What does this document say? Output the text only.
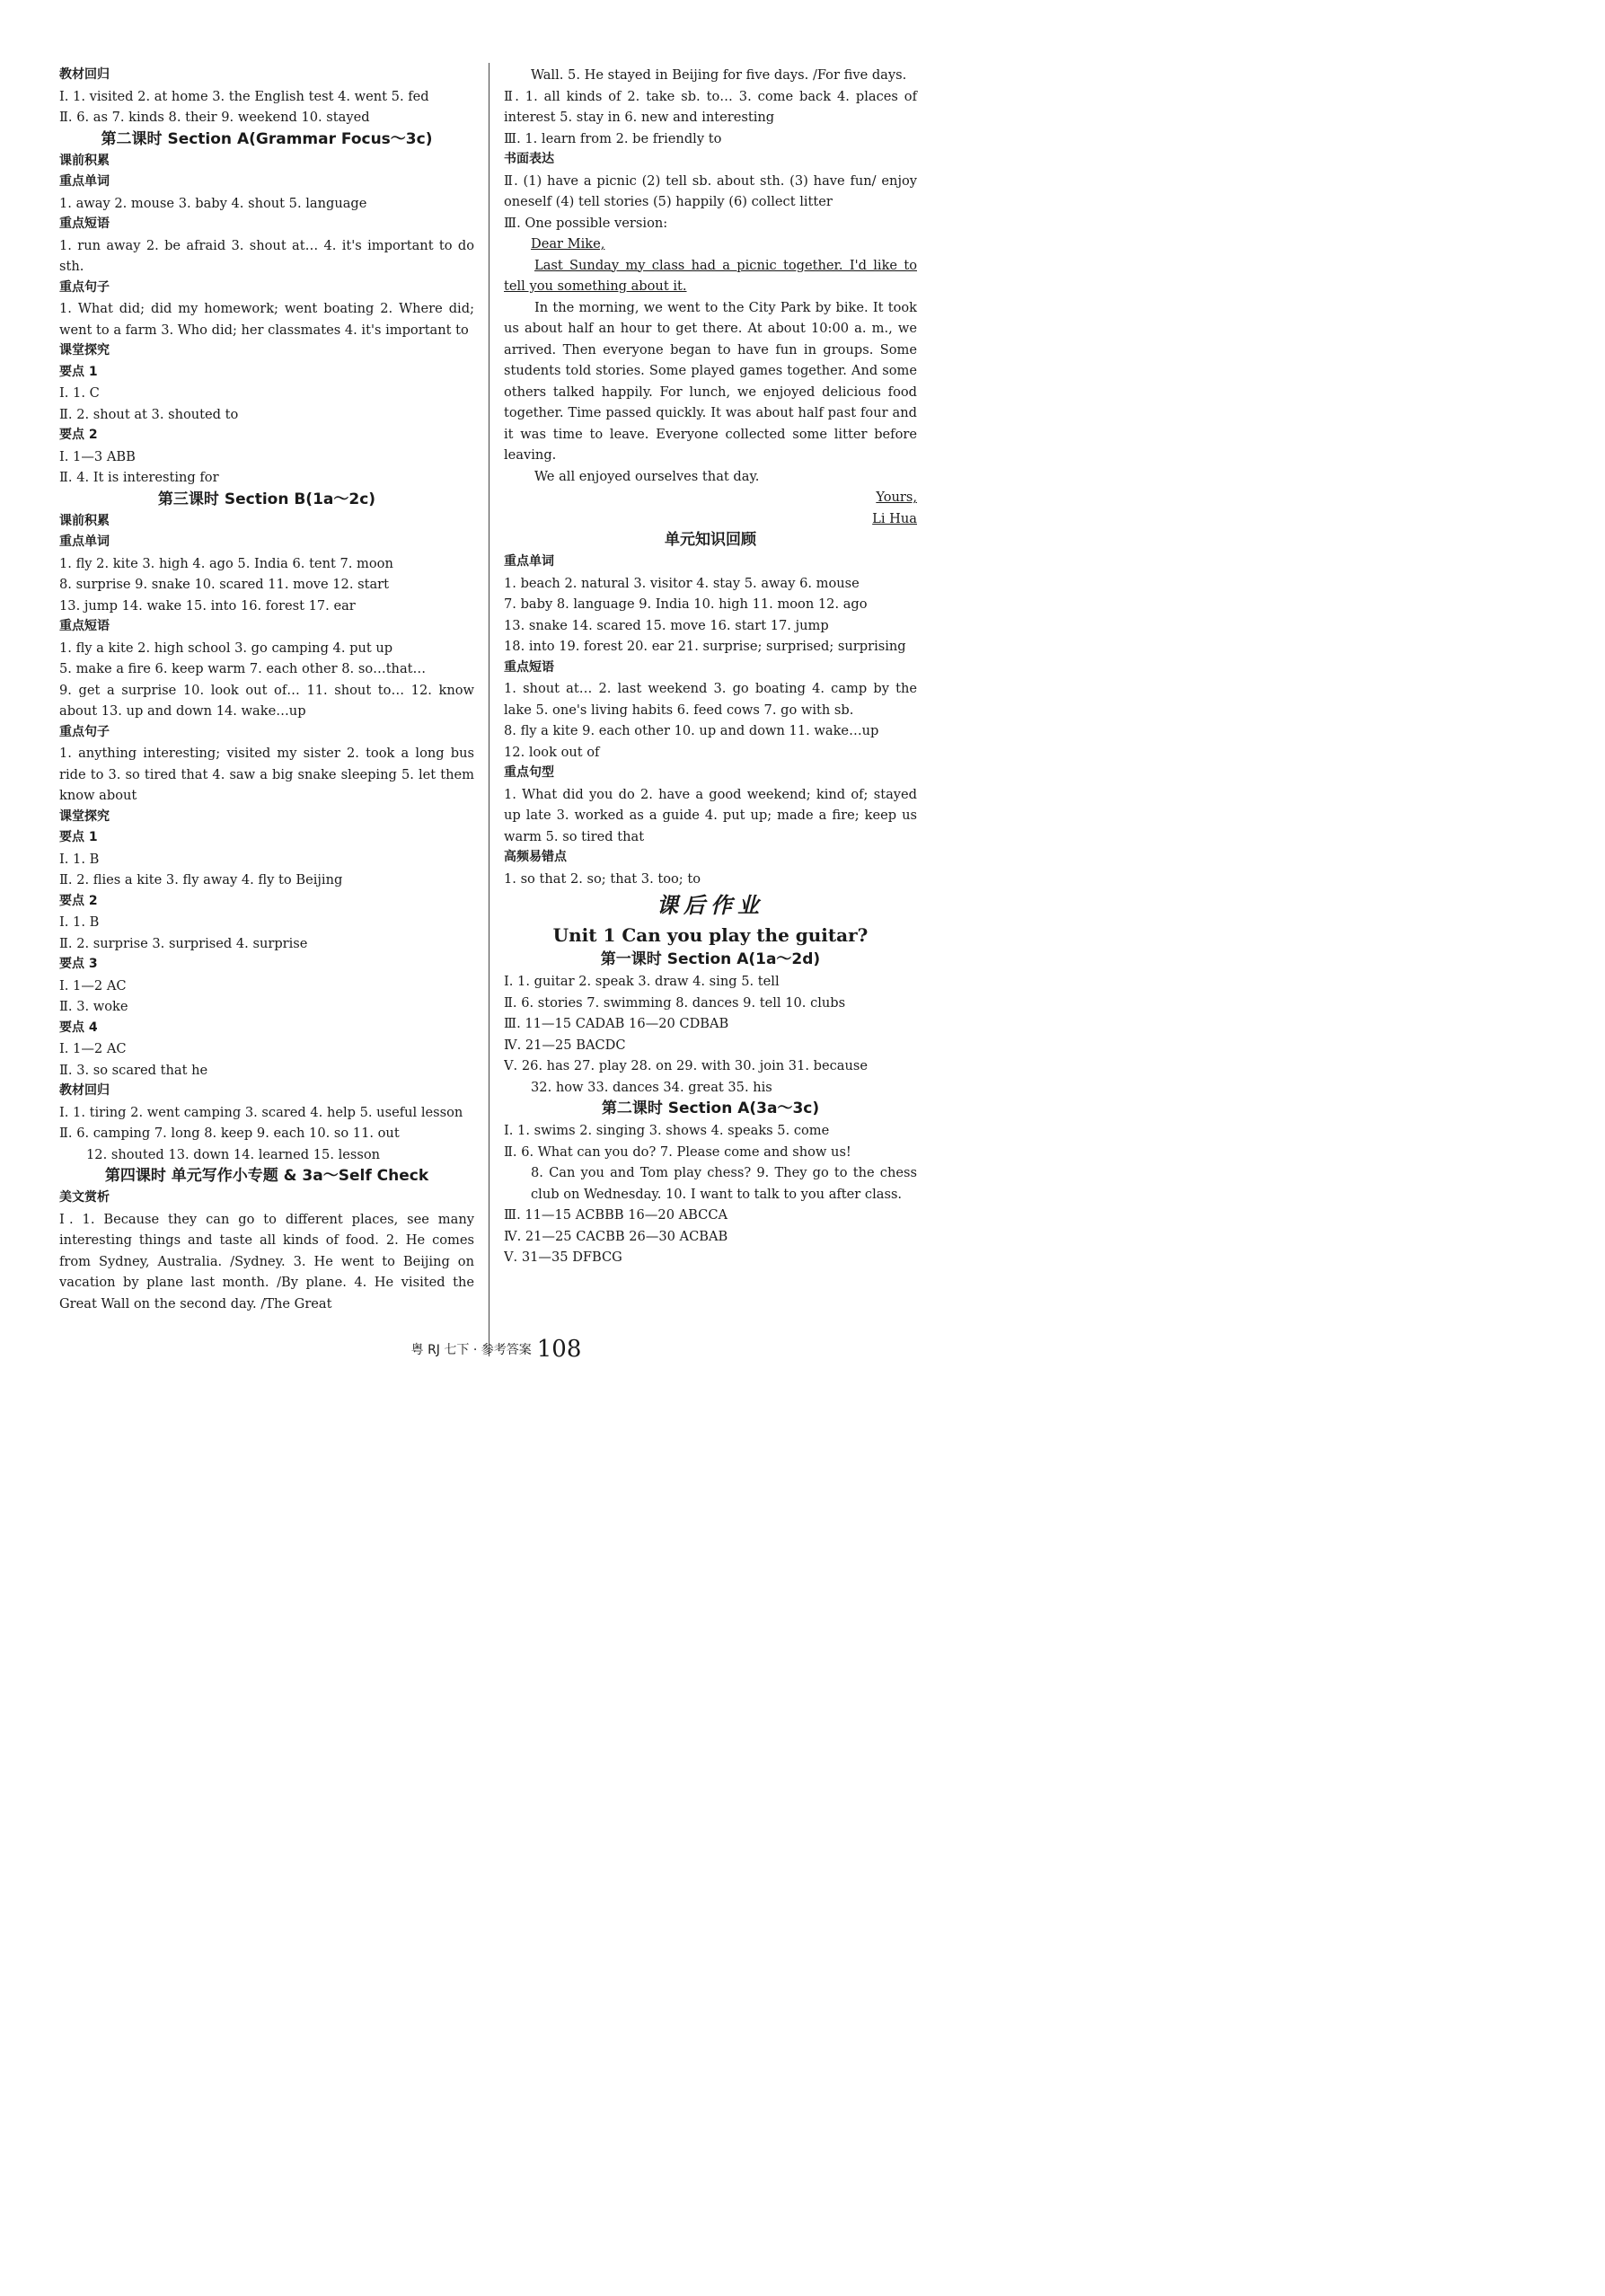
教材回归
Ⅰ. 1. visited 2. at home 3. the English test 4. went 5. fed
Ⅱ. 6. as 7. kinds 8. their 9. weekend 10. stayed
第二课时 Section A(Grammar Focus～3c)
课前积累
重点单词
1. away 2. mouse 3. baby 4. shout 5. language
重点短语
1. run away 2. be afraid 3. shout at… 4. it's important to do sth.
重点句子
1. What did; did my homework; went boating 2. Where did; went to a farm 3. Who did; her classmates 4. it's important to
课堂探究
要点 1
Ⅰ. 1. C
Ⅱ. 2. shout at 3. shouted to
要点 2
Ⅰ. 1—3 ABB
Ⅱ. 4. It is interesting for
第三课时 Section B(1a～2c)
课前积累
重点单词
1. fly 2. kite 3. high 4. ago 5. India 6. tent 7. moon
8. surprise 9. snake 10. scared 11. move 12. start
13. jump 14. wake 15. into 16. forest 17. ear
重点短语
1. fly a kite 2. high school 3. go camping 4. put up
5. make a fire 6. keep warm 7. each other 8. so…that…
9. get a surprise 10. look out of… 11. shout to… 12. know about 13. up and down 14. wake…up
重点句子
1. anything interesting; visited my sister 2. took a long bus ride to 3. so tired that 4. saw a big snake sleeping 5. let them know about
课堂探究
要点 1
Ⅰ. 1. B
Ⅱ. 2. flies a kite 3. fly away 4. fly to Beijing
要点 2
Ⅰ. 1. B
Ⅱ. 2. surprise 3. surprised 4. surprise
要点 3
Ⅰ. 1—2 AC
Ⅱ. 3. woke
要点 4
Ⅰ. 1—2 AC
Ⅱ. 3. so scared that he
教材回归
Ⅰ. 1. tiring 2. went camping 3. scared 4. help 5. useful lesson
Ⅱ. 6. camping 7. long 8. keep 9. each 10. so 11. out
12. shouted 13. down 14. learned 15. lesson
第四课时 单元写作小专题 & 3a～Self Check
美文赏析
Ⅰ. 1. Because they can go to different places, see many interesting things and taste all kinds of food. 2. He comes from Sydney, Australia. /Sydney. 3. He went to Beijing on vacation by plane last month. /By plane. 4. He visited the Great Wall on the second day. /The Great
Wall. 5. He stayed in Beijing for five days. /For five days.
Ⅱ. 1. all kinds of 2. take sb. to… 3. come back 4. places of interest 5. stay in 6. new and interesting
Ⅲ. 1. learn from 2. be friendly to
书面表达
Ⅱ. (1) have a picnic (2) tell sb. about sth. (3) have fun/ enjoy oneself (4) tell stories (5) happily (6) collect litter
Ⅲ. One possible version:
Dear Mike,
Last Sunday my class had a picnic together. I'd like to tell you something about it.
In the morning, we went to the City Park by bike. It took us about half an hour to get there. At about 10:00 a. m., we arrived. Then everyone began to have fun in groups. Some students told stories. Some played games together. And some others talked happily. For lunch, we enjoyed delicious food together. Time passed quickly. It was about half past four and it was time to leave. Everyone collected some litter before leaving.
We all enjoyed ourselves that day.
Yours,
Li Hua
单元知识回顾
重点单词
1. beach 2. natural 3. visitor 4. stay 5. away 6. mouse
7. baby 8. language 9. India 10. high 11. moon 12. ago
13. snake 14. scared 15. move 16. start 17. jump
18. into 19. forest 20. ear 21. surprise; surprised; surprising
重点短语
1. shout at… 2. last weekend 3. go boating 4. camp by the lake 5. one's living habits 6. feed cows 7. go with sb.
8. fly a kite 9. each other 10. up and down 11. wake…up
12. look out of
重点句型
1. What did you do 2. have a good weekend; kind of; stayed up late 3. worked as a guide 4. put up; made a fire; keep us warm 5. so tired that
高频易错点
1. so that 2. so; that 3. too; to
课后作业
Unit 1 Can you play the guitar?
第一课时 Section A(1a～2d)
Ⅰ. 1. guitar 2. speak 3. draw 4. sing 5. tell
Ⅱ. 6. stories 7. swimming 8. dances 9. tell 10. clubs
Ⅲ. 11—15 CADAB 16—20 CDBAB
Ⅳ. 21—25 BACDC
Ⅴ. 26. has 27. play 28. on 29. with 30. join 31. because
32. how 33. dances 34. great 35. his
第二课时 Section A(3a～3c)
Ⅰ. 1. swims 2. singing 3. shows 4. speaks 5. come
Ⅱ. 6. What can you do? 7. Please come and show us!
8. Can you and Tom play chess? 9. They go to the chess club on Wednesday. 10. I want to talk to you after class.
Ⅲ. 11—15 ACBBB 16—20 ABCCA
Ⅳ. 21—25 CACBB 26—30 ACBAB
Ⅴ. 31—35 DFBCG
粤 RJ 七下 · 参考答案 108
